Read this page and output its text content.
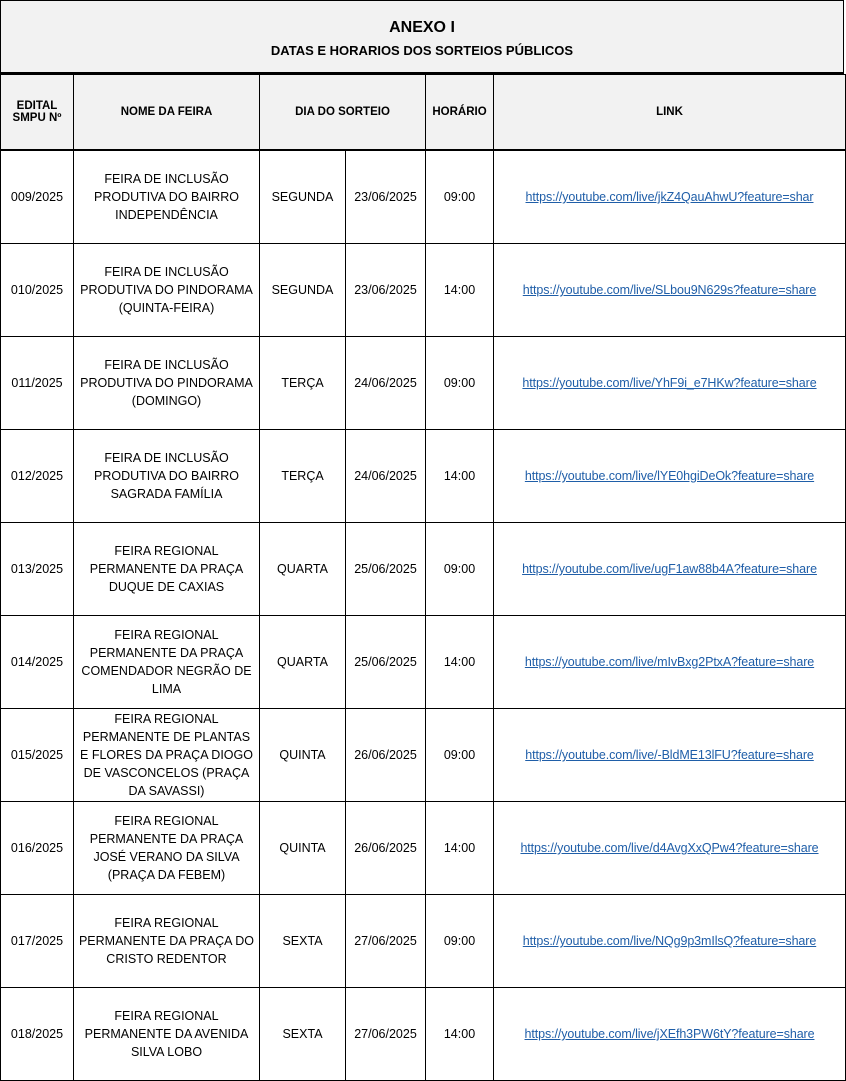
ANEXO I
DATAS E HORARIOS DOS SORTEIOS PÚBLICOS
EDITAL SMPU Nº	NOME DA FEIRA	DIA DO SORTEIO		HORÁRIO	LINK
009/2025	FEIRA DE INCLUSÃO PRODUTIVA DO BAIRRO INDEPENDÊNCIA	SEGUNDA	23/06/2025	09:00	https://youtube.com/live/jkZ4QauAhwU?feature=shar
010/2025	FEIRA DE INCLUSÃO PRODUTIVA DO PINDORAMA (QUINTA-FEIRA)	SEGUNDA	23/06/2025	14:00	https://youtube.com/live/SLbou9N629s?feature=share
011/2025	FEIRA DE INCLUSÃO PRODUTIVA DO PINDORAMA (DOMINGO)	TERÇA	24/06/2025	09:00	https://youtube.com/live/YhF9i_e7HKw?feature=share
012/2025	FEIRA DE INCLUSÃO PRODUTIVA DO BAIRRO SAGRADA FAMÍLIA	TERÇA	24/06/2025	14:00	https://youtube.com/live/lYE0hgiDeOk?feature=share
013/2025	FEIRA REGIONAL PERMANENTE DA PRAÇA DUQUE DE CAXIAS	QUARTA	25/06/2025	09:00	https://youtube.com/live/ugF1aw88b4A?feature=share
014/2025	FEIRA REGIONAL PERMANENTE DA PRAÇA COMENDADOR NEGRÃO DE LIMA	QUARTA	25/06/2025	14:00	https://youtube.com/live/mIvBxg2PtxA?feature=share
015/2025	FEIRA REGIONAL PERMANENTE DE PLANTAS E FLORES DA PRAÇA DIOGO DE VASCONCELOS (PRAÇA DA SAVASSI)	QUINTA	26/06/2025	09:00	https://youtube.com/live/-BldME13lFU?feature=share
016/2025	FEIRA REGIONAL PERMANENTE DA PRAÇA JOSÉ VERANO DA SILVA (PRAÇA DA FEBEM)	QUINTA	26/06/2025	14:00	https://youtube.com/live/d4AvgXxQPw4?feature=share
017/2025	FEIRA REGIONAL PERMANENTE DA PRAÇA DO CRISTO REDENTOR	SEXTA	27/06/2025	09:00	https://youtube.com/live/NQg9p3mIlsQ?feature=share
018/2025	FEIRA REGIONAL PERMANENTE DA AVENIDA SILVA LOBO	SEXTA	27/06/2025	14:00	https://youtube.com/live/jXEfh3PW6tY?feature=share
